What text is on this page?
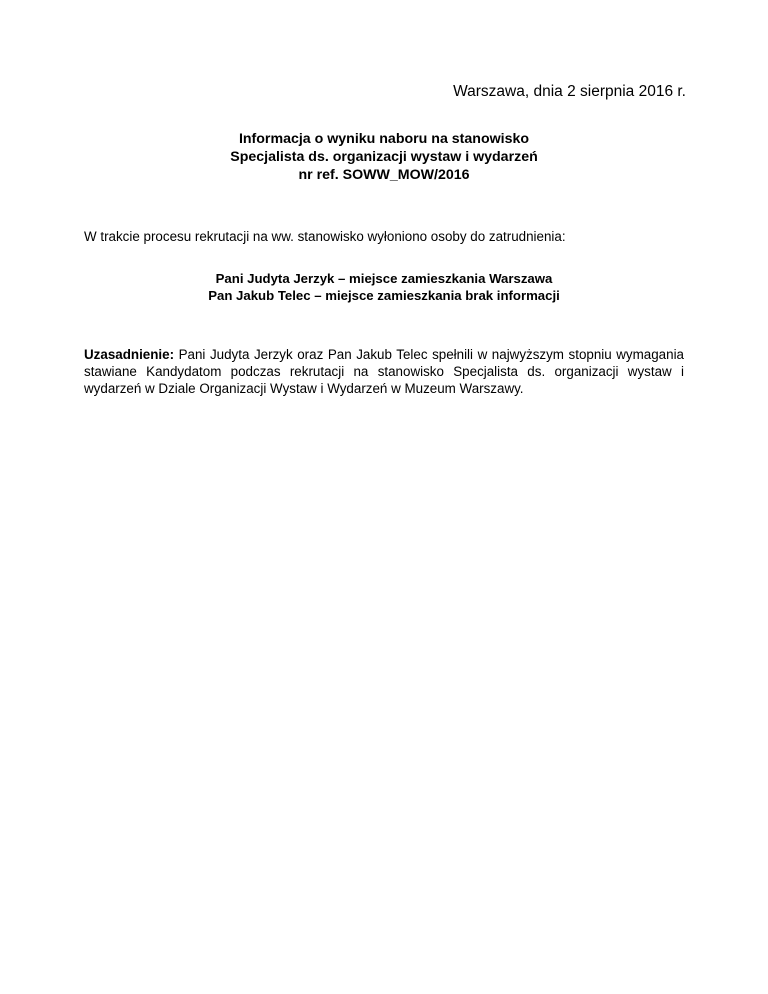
Warszawa, dnia 2 sierpnia 2016 r.
Informacja o wyniku naboru na stanowisko
Specjalista ds. organizacji wystaw i wydarzeń
nr ref. SOWW_MOW/2016
W trakcie procesu rekrutacji na ww. stanowisko wyłoniono osoby do zatrudnienia:
Pani Judyta Jerzyk – miejsce zamieszkania Warszawa
Pan Jakub Telec – miejsce zamieszkania brak informacji
Uzasadnienie: Pani Judyta Jerzyk oraz Pan Jakub Telec spełnili w najwyższym stopniu wymagania stawiane Kandydatom podczas rekrutacji na stanowisko Specjalista ds. organizacji wystaw i wydarzeń w Dziale Organizacji Wystaw i Wydarzeń w Muzeum Warszawy.
